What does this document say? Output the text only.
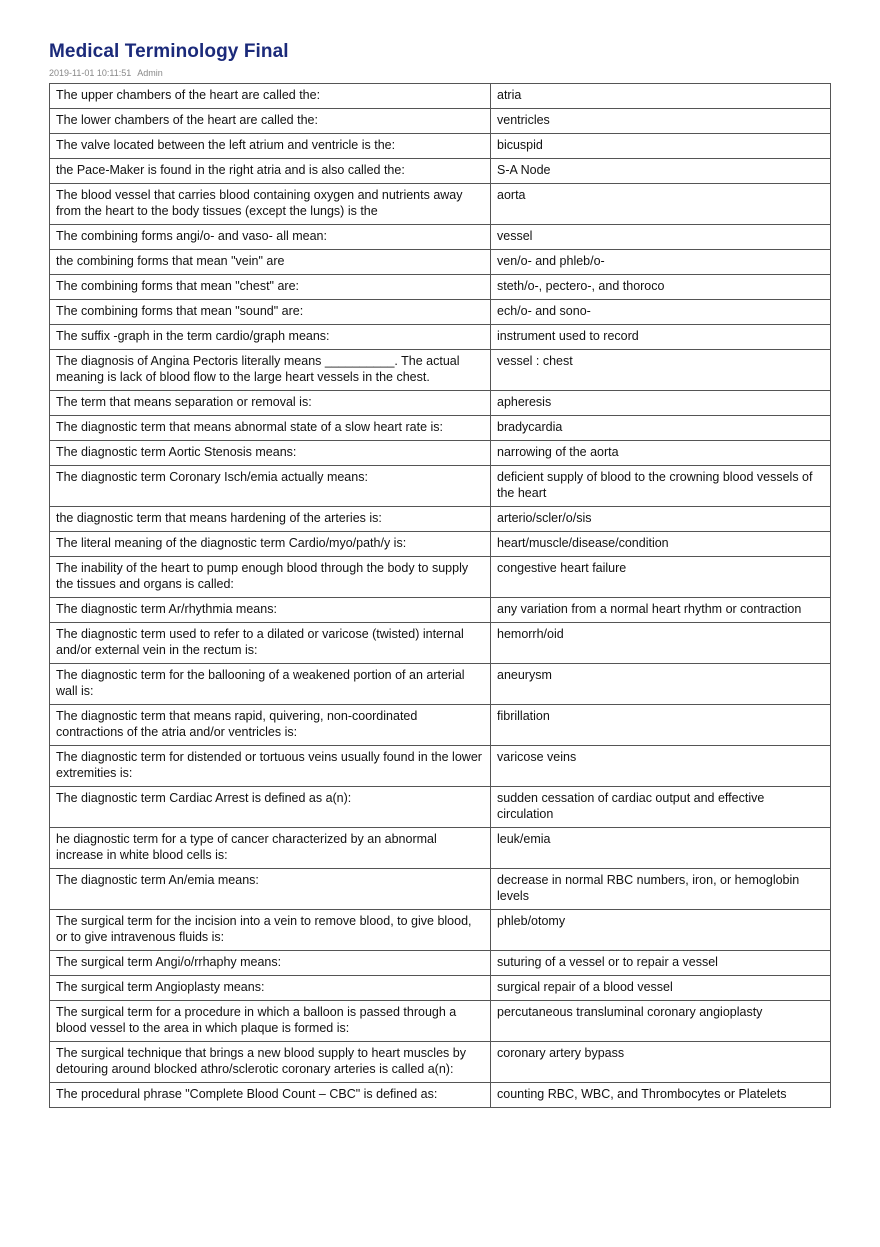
Medical Terminology Final
2019-11-01 10:11:51 Admin
The upper chambers of the heart are called the:	atria
The lower chambers of the heart are called the:	ventricles
The valve located between the left atrium and ventricle is the:	bicuspid
the Pace-Maker is found in the right atria and is also called the:	S-A Node
The blood vessel that carries blood containing oxygen and nutrients away from the heart to the body tissues (except the lungs) is the	aorta
The combining forms angi/o- and vaso- all mean:	vessel
the combining forms that mean "vein" are	ven/o- and phleb/o-
The combining forms that mean "chest" are:	steth/o-, pectero-, and thoroco
The combining forms that mean "sound" are:	ech/o- and sono-
The suffix -graph in the term cardio/graph means:	instrument used to record
The diagnosis of Angina Pectoris literally means __________. The actual meaning is lack of blood flow to the large heart vessels in the chest.	vessel : chest
The term that means separation or removal is:	apheresis
The diagnostic term that means abnormal state of a slow heart rate is:	bradycardia
The diagnostic term Aortic Stenosis means:	narrowing of the aorta
The diagnostic term Coronary Isch/emia actually means:	deficient supply of blood to the crowning blood vessels of the heart
the diagnostic term that means hardening of the arteries is:	arterio/scler/o/sis
The literal meaning of the diagnostic term Cardio/myo/path/y is:	heart/muscle/disease/condition
The inability of the heart to pump enough blood through the body to supply the tissues and organs is called:	congestive heart failure
The diagnostic term Ar/rhythmia means:	any variation from a normal heart rhythm or contraction
The diagnostic term used to refer to a dilated or varicose (twisted) internal and/or external vein in the rectum is:	hemorrh/oid
The diagnostic term for the ballooning of a weakened portion of an arterial wall is:	aneurysm
The diagnostic term that means rapid, quivering, non-coordinated contractions of the atria and/or ventricles is:	fibrillation
The diagnostic term for distended or tortuous veins usually found in the lower extremities is:	varicose veins
The diagnostic term Cardiac Arrest is defined as a(n):	sudden cessation of cardiac output and effective circulation
he diagnostic term for a type of cancer characterized by an abnormal increase in white blood cells is:	leuk/emia
The diagnostic term An/emia means:	decrease in normal RBC numbers, iron, or hemoglobin levels
The surgical term for the incision into a vein to remove blood, to give blood, or to give intravenous fluids is:	phleb/otomy
The surgical term Angi/o/rrhaphy means:	suturing of a vessel or to repair a vessel
The surgical term Angioplasty means:	surgical repair of a blood vessel
The surgical term for a procedure in which a balloon is passed through a blood vessel to the area in which plaque is formed is:	percutaneous transluminal coronary angioplasty
The surgical technique that brings a new blood supply to heart muscles by detouring around blocked athro/sclerotic coronary arteries is called a(n):	coronary artery bypass
The procedural phrase "Complete Blood Count – CBC" is defined as:	counting RBC, WBC, and Thrombocytes or Platelets
